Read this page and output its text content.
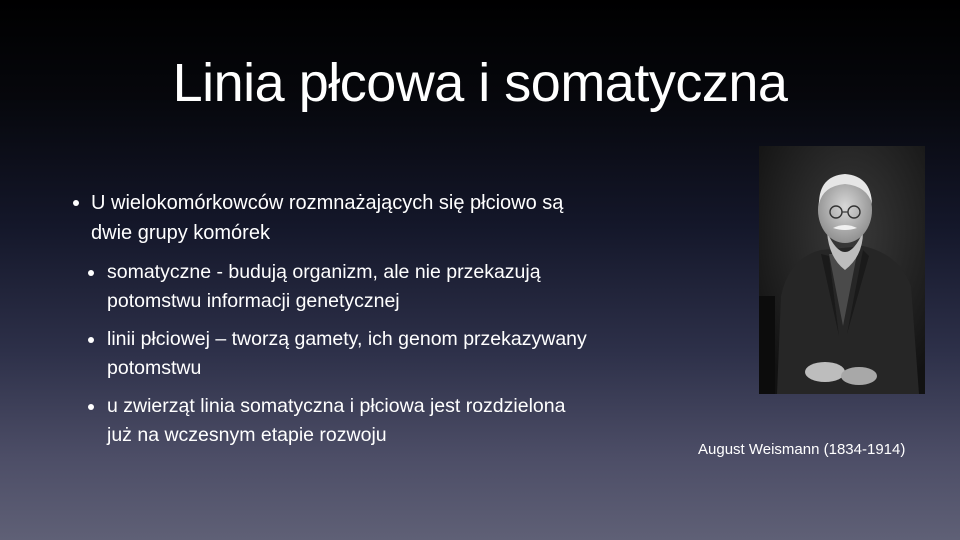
Linia płcowa i somatyczna

U wielokomórkowców rozmnażających się płciowo są dwie grupy komórek

somatyczne - budują organizm, ale nie przekazują potomstwu informacji genetycznej

linii płciowej – tworzą gamety, ich genom przekazywany potomstwu

u zwierząt linia somatyczna i płciowa jest rozdzielona już na wczesnym etapie rozwoju

August Weismann (1834-1914)
